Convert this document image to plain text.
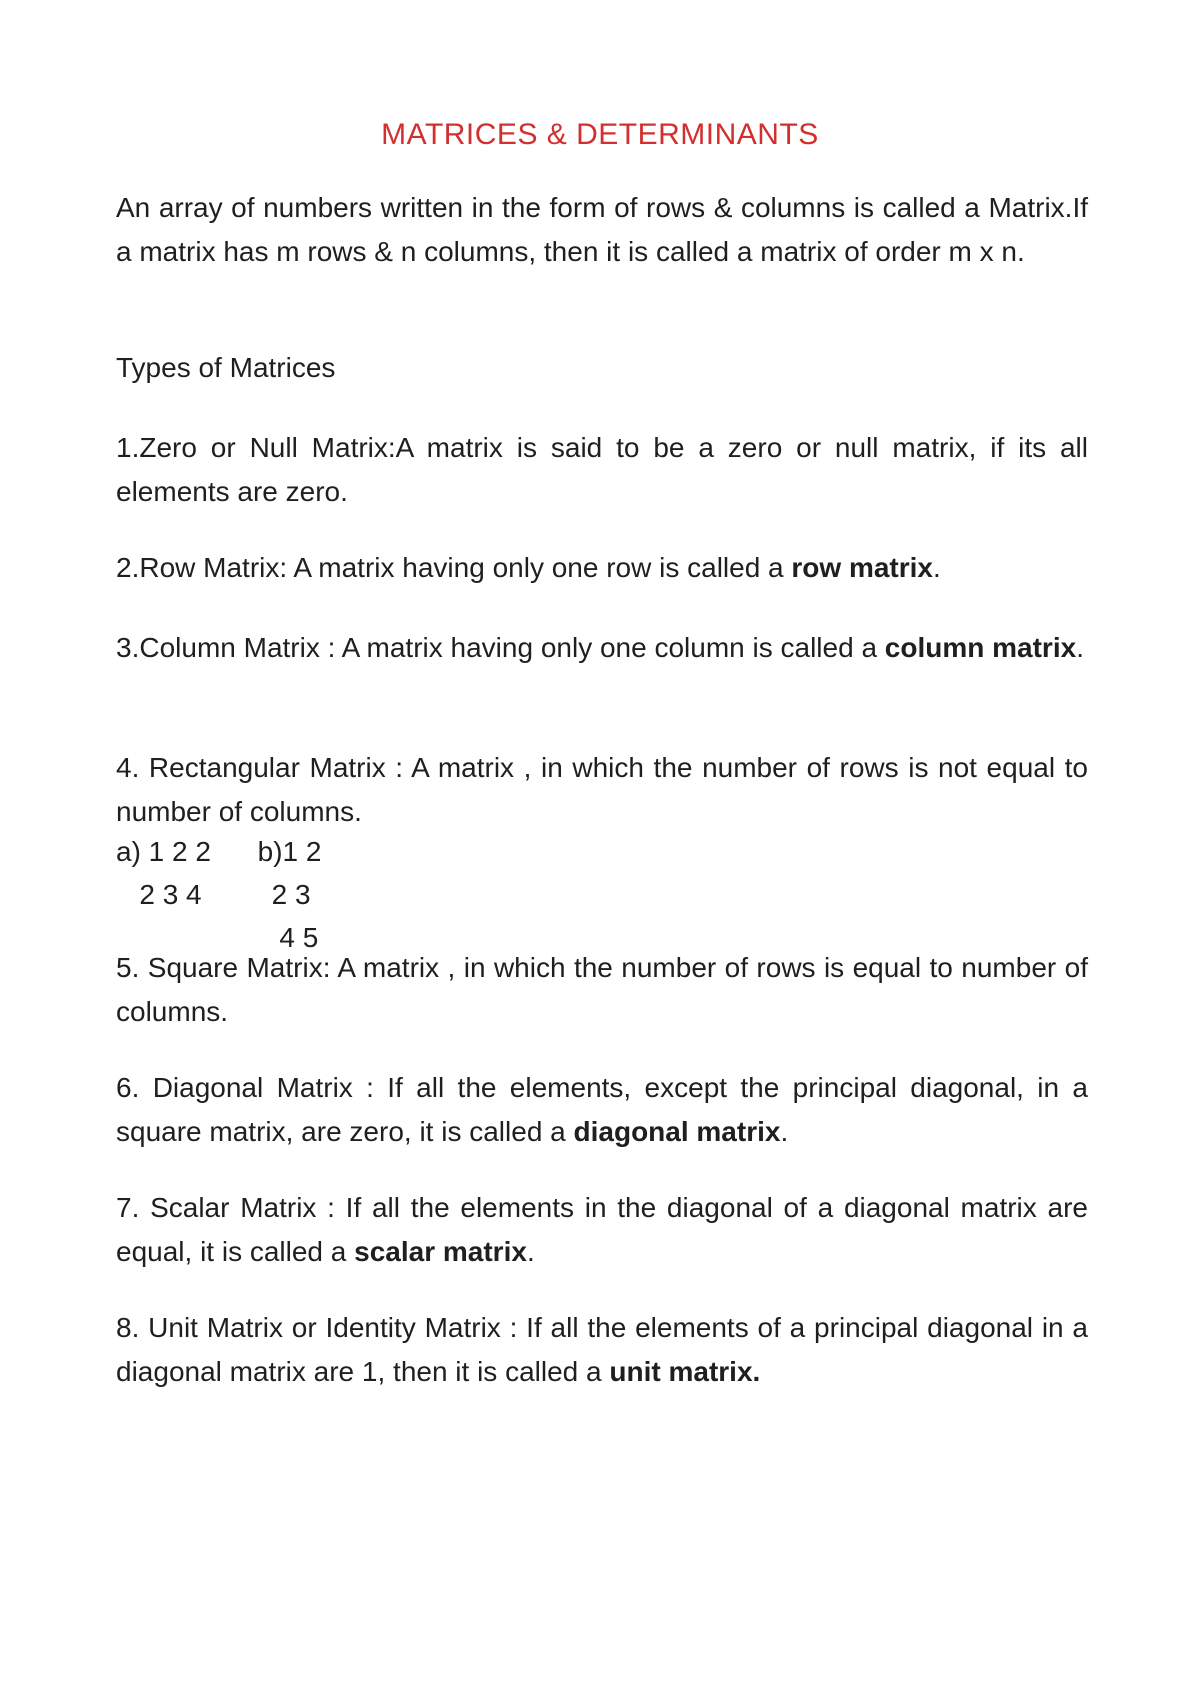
MATRICES & DETERMINANTS
An array of numbers written in the form of rows & columns is called a Matrix.If a matrix has m rows & n columns, then it is called a matrix of order m x n.
Types of Matrices
1.Zero or Null Matrix:A matrix is said to be a zero or null matrix, if its all elements are zero.
2.Row Matrix: A matrix having only one row is called a row matrix.
3.Column Matrix : A matrix having only one column is called a column matrix.
4. Rectangular Matrix : A matrix , in which the number of rows is not equal to number of columns.
a) 1 2 2      b)1 2
2 3 4         2 3
4 5
5. Square Matrix: A matrix , in which the number of rows is equal to number of columns.
6. Diagonal Matrix : If all the elements, except the principal diagonal, in a square matrix, are zero, it is called a diagonal matrix.
7. Scalar Matrix : If all the elements in the diagonal of a diagonal matrix are equal, it is called a scalar matrix.
8. Unit Matrix or Identity Matrix : If all the elements of a principal diagonal in a diagonal matrix are 1, then it is called a unit matrix.
